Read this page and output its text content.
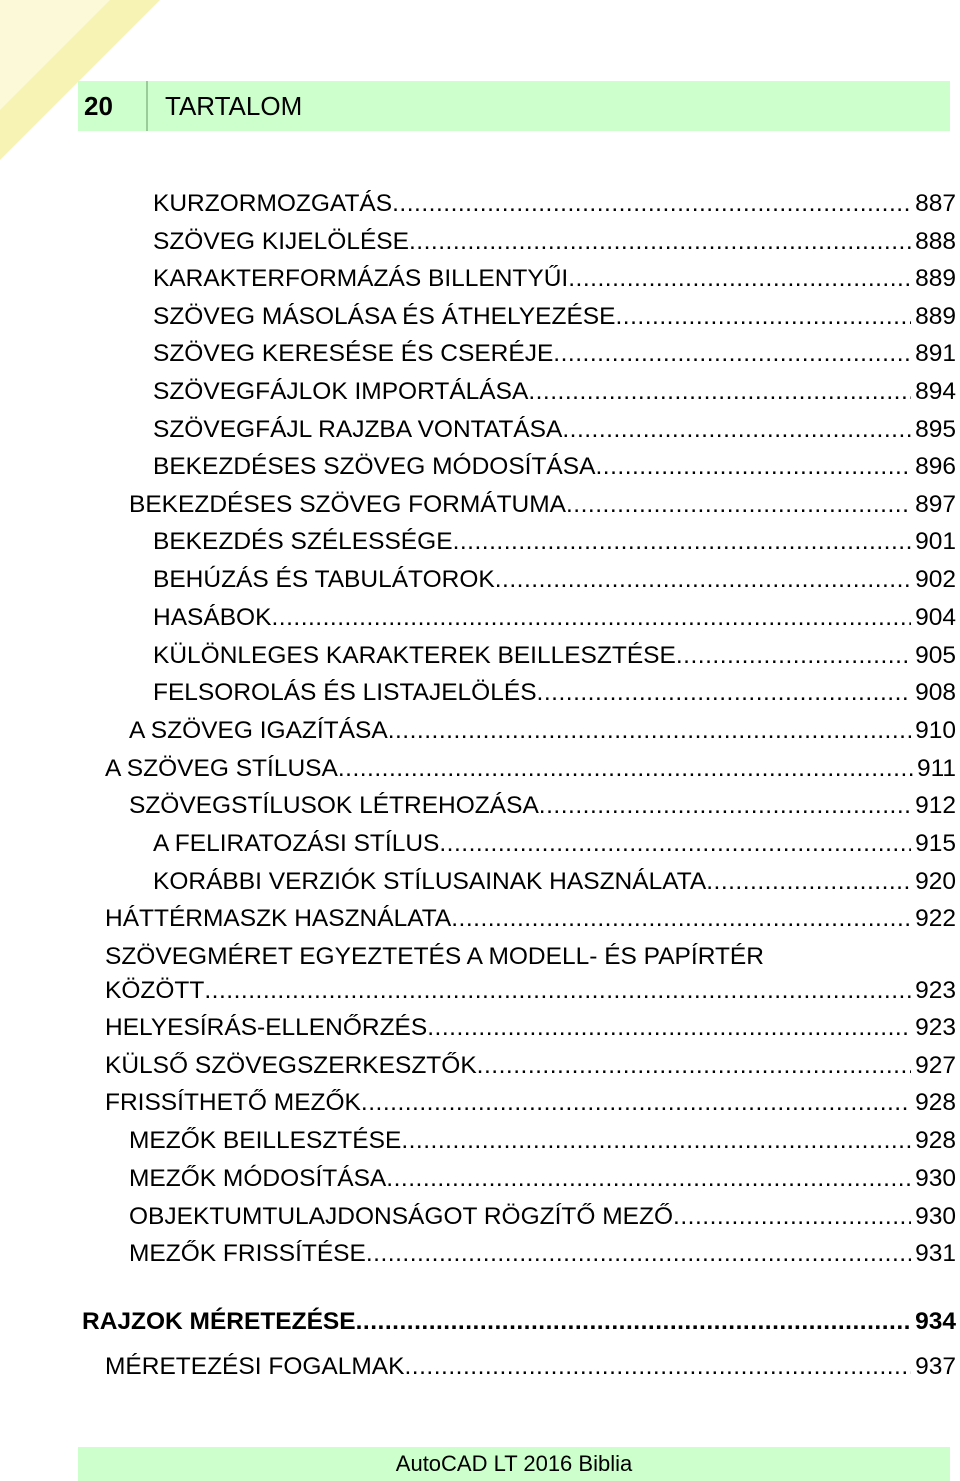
20	TARTALOM
KURZORMOZGATÁS .....	887
SZÖVEG KIJELÖLÉSE .....	888
KARAKTERFORMÁZÁS BILLENTYŰI .....	889
SZÖVEG MÁSOLÁSA ÉS ÁTHELYEZÉSE .....	889
SZÖVEG KERESÉSE ÉS CSERÉJE .....	891
SZÖVEGFÁJLOK IMPORTÁLÁSA .....	894
SZÖVEGFÁJL RAJZBA VONTATÁSA .....	895
BEKEZDÉSES SZÖVEG MÓDOSÍTÁSA .....	896
BEKEZDÉSES SZÖVEG FORMÁTUMA .....	897
BEKEZDÉS SZÉLESSÉGE .....	901
BEHÚZÁS ÉS TABULÁTOROK .....	902
HASÁBOK .....	904
KÜLÖNLEGES KARAKTEREK BEILLESZTÉSE .....	905
FELSOROLÁS ÉS LISTAJELÖLÉS .....	908
A SZÖVEG IGAZÍTÁSA .....	910
A SZÖVEG STÍLUSA .....	911
SZÖVEGSTÍLUSOK LÉTREHOZÁSA .....	912
A FELIRATOZÁSI STÍLUS .....	915
KORÁBBI VERZIÓK STÍLUSAINAK HASZNÁLATA .....	920
HÁTTÉRMASZK HASZNÁLATA .....	922
SZÖVEGMÉRET EGYEZTETÉS A MODELL- ÉS PAPÍRTÉR
KÖZÖTT .....	923
HELYESÍRÁS-ELLENŐRZÉS .....	923
KÜLSŐ SZÖVEGSZERKESZTŐK .....	927
FRISSÍTHETŐ MEZŐK .....	928
MEZŐK BEILLESZTÉSE .....	928
MEZŐK MÓDOSÍTÁSA .....	930
OBJEKTUMTULAJDONSÁGOT RÖGZÍTŐ MEZŐ .....	930
MEZŐK FRISSÍTÉSE .....	931
RAJZOK MÉRETEZÉSE .....	934
MÉRETEZÉSI FOGALMAK .....	937
AutoCAD LT 2016 Biblia
